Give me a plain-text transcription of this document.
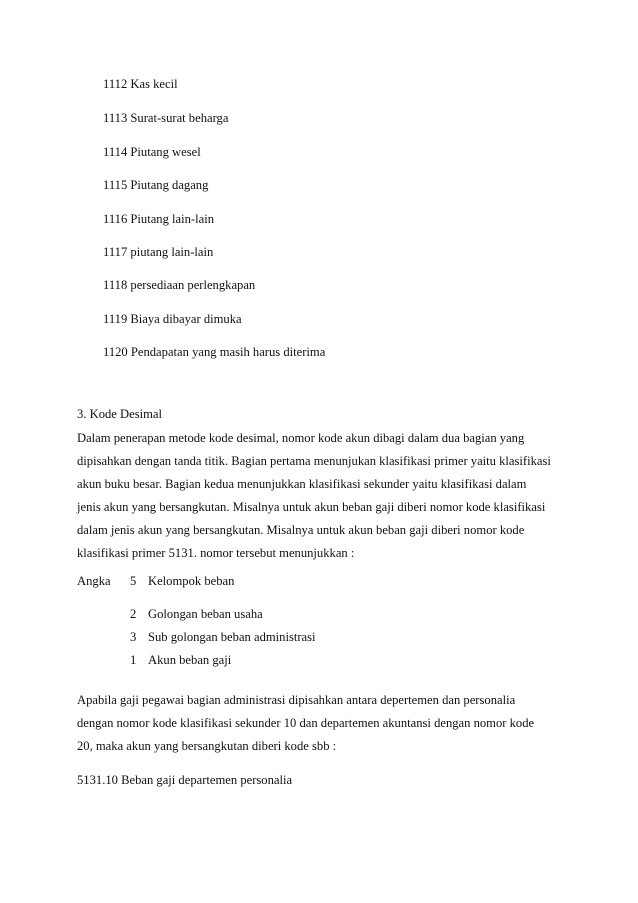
1112 Kas kecil
1113 Surat-surat beharga
1114 Piutang wesel
1115 Piutang dagang
1116 Piutang lain-lain
1117 piutang lain-lain
1118 persediaan perlengkapan
1119 Biaya dibayar dimuka
1120 Pendapatan yang masih harus diterima
3. Kode Desimal
Dalam penerapan metode kode desimal, nomor kode akun dibagi dalam dua bagian yang
dipisahkan dengan tanda titik. Bagian pertama menunjukan klasifikasi primer yaitu klasifikasi
akun buku besar. Bagian kedua menunjukkan klasifikasi sekunder yaitu klasifikasi dalam
jenis akun yang bersangkutan. Misalnya untuk akun beban gaji diberi nomor kode klasifikasi
dalam jenis akun yang bersangkutan. Misalnya untuk akun beban gaji diberi nomor kode
klasifikasi primer 5131. nomor tersebut menunjukkan :
Angka 5 Kelompok beban
2 Golongan beban usaha
3 Sub golongan beban administrasi
1 Akun beban gaji
Apabila gaji pegawai bagian administrasi dipisahkan antara depertemen dan personalia
dengan nomor kode klasifikasi sekunder 10 dan departemen akuntansi dengan nomor kode
20, maka akun yang bersangkutan diberi kode sbb :
5131.10 Beban gaji departemen personalia
